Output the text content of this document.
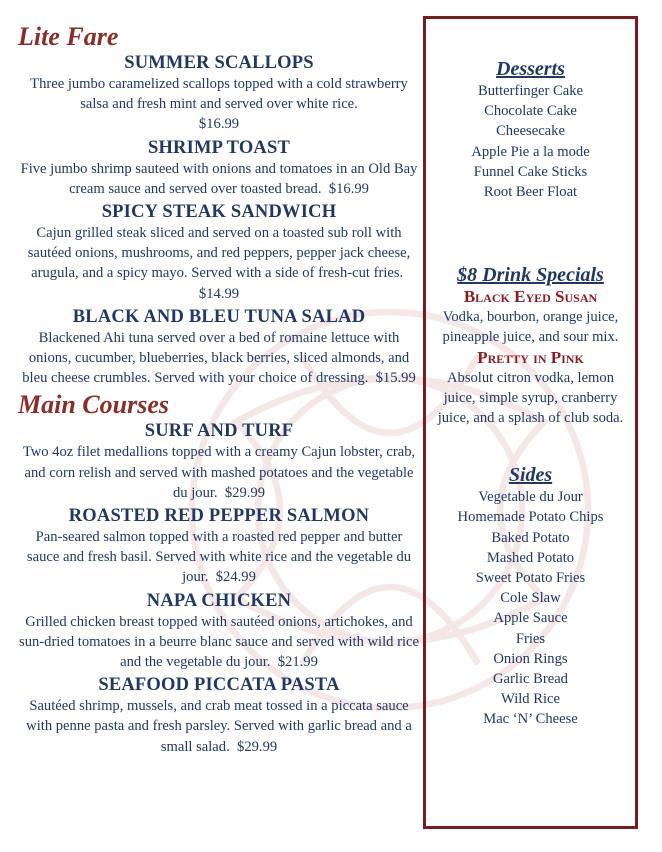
Lite Fare
SUMMER SCALLOPS

Three jumbo caramelized scallops topped with a cold strawberry salsa and fresh mint and served over white rice.
$16.99

SHRIMP TOAST

Five jumbo shrimp sauteed with onions and tomatoes in an Old Bay cream sauce and served over toasted bread. $16.99

SPICY STEAK SANDWICH

Cajun grilled steak sliced and served on a toasted sub roll with sautéed onions, mushrooms, and red peppers, pepper jack cheese, arugula, and a spicy mayo. Served with a side of fresh-cut fries.  $14.99

BLACK AND BLEU TUNA SALAD

Blackened Ahi tuna served over a bed of romaine lettuce with onions, cucumber, blueberries, black berries, sliced almonds, and bleu cheese crumbles. Served with your choice of dressing. $15.99

Main Courses
SURF AND TURF

Two 4oz filet medallions topped with a creamy Cajun lobster, crab, and corn relish and served with mashed potatoes and the vegetable du jour. $29.99

ROASTED RED PEPPER SALMON

Pan-seared salmon topped with a roasted red pepper and butter sauce and fresh basil. Served with white rice and the vegetable du jour. $24.99

NAPA CHICKEN

Grilled chicken breast topped with sautéed onions, artichokes, and sun-dried tomatoes in a beurre blanc sauce and served with wild rice and the vegetable du jour. $21.99

SEAFOOD PICCATA PASTA

Sautéed shrimp, mussels, and crab meat tossed in a piccata sauce with penne pasta and fresh parsley. Served with garlic bread and a small salad. $29.99

Desserts
Butterfinger Cake
Chocolate Cake
Cheesecake
Apple Pie a la mode
Funnel Cake Sticks
Root Beer Float
$8 Drink Specials
Black Eyed Susan

Vodka, bourbon, orange juice, pineapple juice, and sour mix.

Pretty in Pink

Absolut citron vodka, lemon juice, simple syrup, cranberry juice, and a splash of club soda.

Sides
Vegetable du Jour
Homemade Potato Chips
Baked Potato
Mashed Potato
Sweet Potato Fries
Cole Slaw
Apple Sauce
Fries
Onion Rings
Garlic Bread
Wild Rice
Mac ‘N’ Cheese
